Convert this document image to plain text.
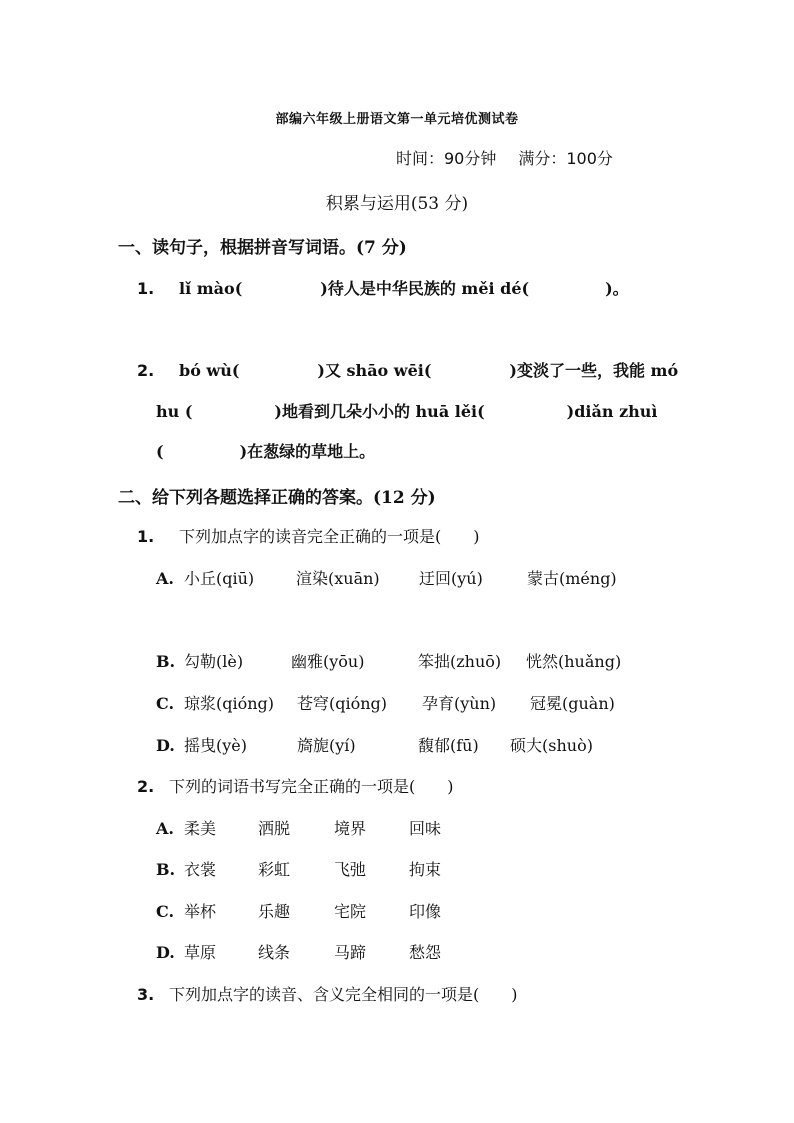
部编六年级上册语文第一单元培优测试卷
时间：90分钟 满分：100分
积累与运用(53 分)
一、读句子，根据拼音写词语。(7 分)
1. lǐ mào(	)待人是中华民族的 měi dé(	)。
2. bó wù(	)又 shāo wēi(	)变淡了一些，我能 mó
hu (	)地看到几朵小小的 huā lěi(	)diǎn zhuì
(	)在葱绿的草地上。
二、给下列各题选择正确的答案。(12 分)
1. 下列加点字的读音完全正确的一项是(　　)
A. 小丘(qiū)	渲染(xuān) 迂回(yú)	蒙古(méng)
B. 勾勒(lè)	幽雅(yōu)	笨拙(zhuō) 恍然(huǎng)
C. 琼浆(qióng) 苍穹(qióng) 孕育(yùn) 冠冕(guàn)
D. 摇曳(yè)	旖旎(yí)	馥郁(fū) 硕大(shuò)
2. 下列的词语书写完全正确的一项是(　　)
A. 柔美	洒脱	境界	回味
B. 衣裳	彩虹	飞弛	拘束
C. 举杯	乐趣	宅院	印像
D. 草原	线条	马蹄	愁怨
3. 下列加点字的读音、含义完全相同的一项是(　　)
